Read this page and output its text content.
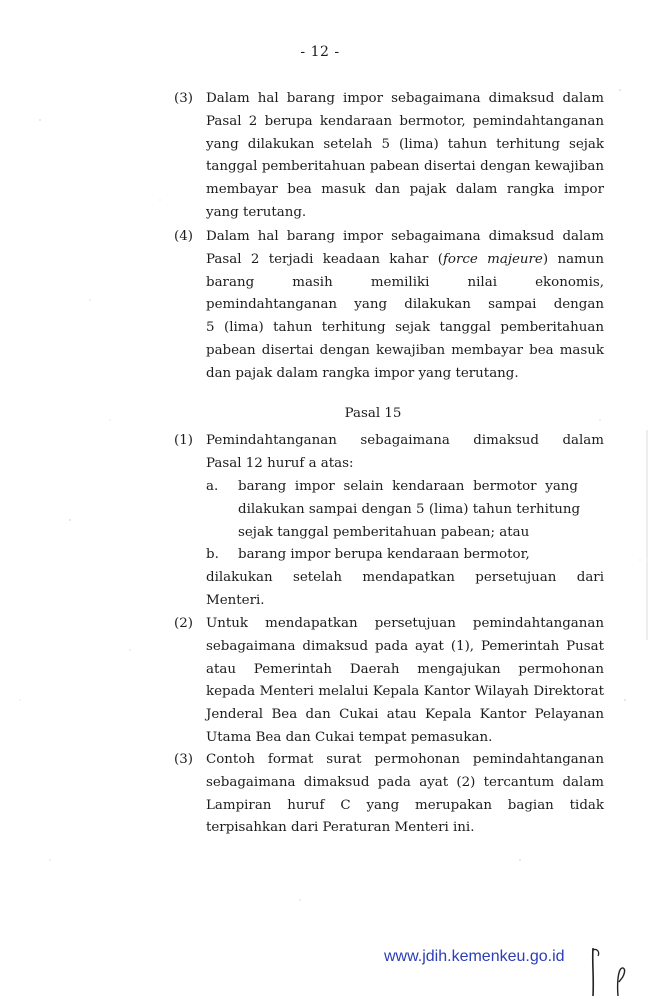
- 12 -
(3) Dalam hal barang impor sebagaimana dimaksud dalam
Pasal 2 berupa kendaraan bermotor, pemindahtanganan
yang dilakukan setelah 5 (lima) tahun terhitung sejak
tanggal pemberitahuan pabean disertai dengan kewajiban
membayar bea masuk dan pajak dalam rangka impor
yang terutang.
(4) Dalam hal barang impor sebagaimana dimaksud dalam
Pasal 2 terjadi keadaan kahar (force majeure) namun
barang masih memiliki nilai ekonomis,
pemindahtanganan yang dilakukan sampai dengan
5 (lima) tahun terhitung sejak tanggal pemberitahuan
pabean disertai dengan kewajiban membayar bea masuk
dan pajak dalam rangka impor yang terutang.
Pasal 15
(1) Pemindahtanganan sebagaimana dimaksud dalam
Pasal 12 huruf a atas:
a. barang impor selain kendaraan bermotor yang
dilakukan sampai dengan 5 (lima) tahun terhitung
sejak tanggal pemberitahuan pabean; atau
b. barang impor berupa kendaraan bermotor,
dilakukan setelah mendapatkan persetujuan dari
Menteri.
(2) Untuk mendapatkan persetujuan pemindahtanganan
sebagaimana dimaksud pada ayat (1), Pemerintah Pusat
atau Pemerintah Daerah mengajukan permohonan
kepada Menteri melalui Kepala Kantor Wilayah Direktorat
Jenderal Bea dan Cukai atau Kepala Kantor Pelayanan
Utama Bea dan Cukai tempat pemasukan.
(3) Contoh format surat permohonan pemindahtanganan
sebagaimana dimaksud pada ayat (2) tercantum dalam
Lampiran huruf C yang merupakan bagian tidak
terpisahkan dari Peraturan Menteri ini.
www.jdih.kemenkeu.go.id
